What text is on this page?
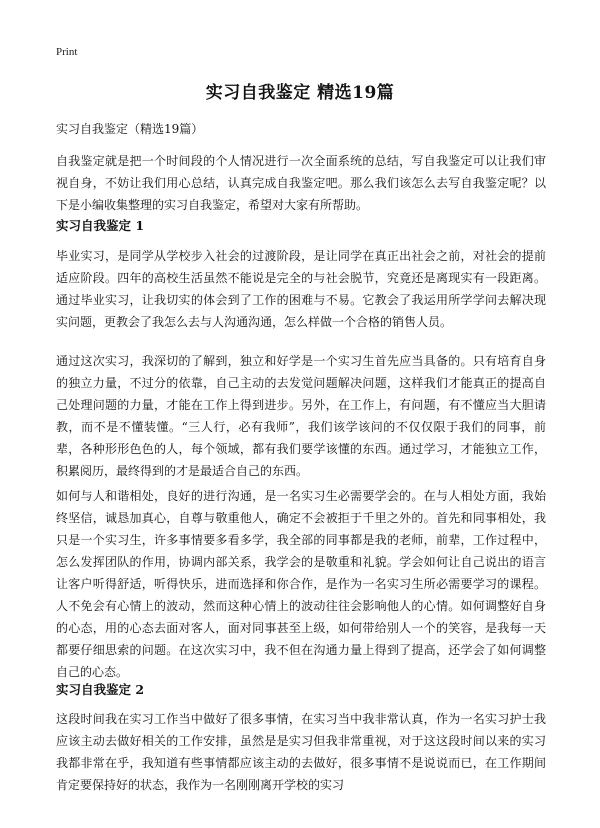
Print
实习自我鉴定 精选19篇
实习自我鉴定（精选19篇）

自我鉴定就是把一个时间段的个人情况进行一次全面系统的总结，写自我鉴定可以让我们审视自身，不妨让我们用心总结，认真完成自我鉴定吧。那么我们该怎么去写自我鉴定呢？以下是小编收集整理的实习自我鉴定，希望对大家有所帮助。

实习自我鉴定 1

毕业实习，是同学从学校步入社会的过渡阶段，是让同学在真正出社会之前，对社会的提前适应阶段。四年的高校生活虽然不能说是完全的与社会脱节，究竟还是离现实有一段距离。通过毕业实习，让我切实的体会到了工作的困难与不易。它教会了我运用所学学问去解决现实问题，更教会了我怎么去与人沟通沟通，怎么样做一个合格的销售人员。

通过这次实习，我深切的了解到，独立和好学是一个实习生首先应当具备的。只有培育自身的独立力量，不过分的依靠，自己主动的去发觉问题解决问题，这样我们才能真正的提高自己处理问题的力量，才能在工作上得到进步。另外，在工作上，有问题，有不懂应当大胆请教，而不是不懂装懂。“三人行，必有我师”，我们该学该问的不仅仅限于我们的同事，前辈，各种形形色色的人，每个领域，都有我们要学该懂的东西。通过学习，才能独立工作，积累阅历，最终得到的才是最适合自己的东西。

如何与人和谐相处，良好的进行沟通，是一名实习生必需要学会的。在与人相处方面，我始终坚信，诚恳加真心，自尊与敬重他人，确定不会被拒于千里之外的。首先和同事相处，我只是一个实习生，许多事情要多看多学，我全部的同事都是我的老师，前辈，工作过程中，怎么发挥团队的作用，协调内部关系，我学会的是敬重和礼貌。学会如何让自己说出的语言让客户听得舒适，听得快乐，进而选择和你合作，是作为一名实习生所必需要学习的课程。人不免会有心情上的波动，然而这种心情上的波动往往会影响他人的心情。如何调整好自身的心态，用的心态去面对客人，面对同事甚至上级，如何带给别人一个的笑容，是我每一天都要仔细思索的问题。在这次实习中，我不但在沟通力量上得到了提高，还学会了如何调整自己的心态。

实习自我鉴定 2

这段时间我在实习工作当中做好了很多事情，在实习当中我非常认真，作为一名实习护士我应该主动去做好相关的工作安排，虽然是是实习但我非常重视，对于这这段时间以来的实习我都非常在乎，我知道有些事情都应该主动的去做好，很多事情不是说说而已，在工作期间肯定要保持好的状态，我作为一名刚刚离开学校的实习
